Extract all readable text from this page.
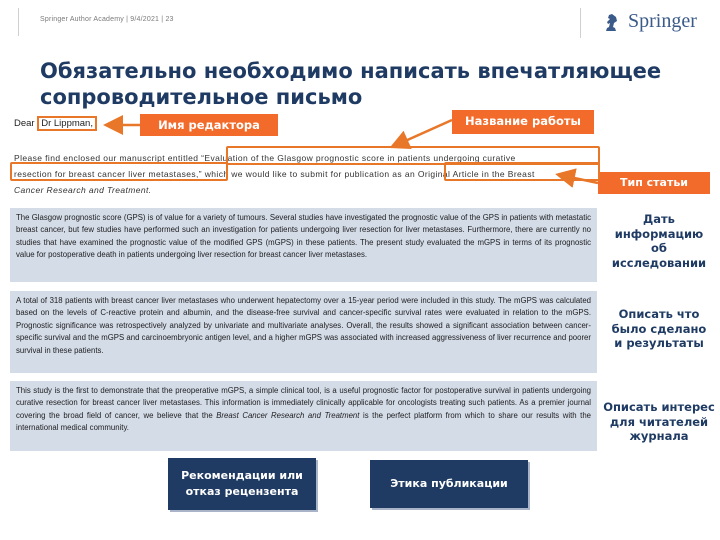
Springer Author Academy | 9/4/2021 | 23	Springer
Обязательно необходимо написать впечатляющее сопроводительное письмо
Dear Dr Lippman,	Имя редактора	Название работы
Тип статьи
Please find enclosed our manuscript entitled “Evaluation of the Glasgow prognostic score in patients undergoing curative
resection for breast cancer liver metastases,” which we would like to submit for publication as an Original Article in the Breast
Cancer Research and Treatment.
The Glasgow prognostic score (GPS) is of value for a variety of tumours. Several studies have investigated the prognostic value of the GPS in patients with metastatic breast cancer, but few studies have performed such an investigation for patients undergoing liver resection for liver metastases. Furthermore, there are currently no studies that have examined the prognostic value of the modified GPS (mGPS) in these patients. The present study evaluated the mGPS in terms of its prognostic value for postoperative death in patients undergoing liver resection for breast cancer liver metastases.
A total of 318 patients with breast cancer liver metastases who underwent hepatectomy over a 15-year period were included in this study. The mGPS was calculated based on the levels of C-reactive protein and albumin, and the disease-free survival and cancer-specific survival rates were evaluated in relation to the mGPS. Prognostic significance was retrospectively analyzed by univariate and multivariate analyses. Overall, the results showed a significant association between cancer-specific survival and the mGPS and carcinoembryonic antigen level, and a higher mGPS was associated with increased aggressiveness of liver recurrence and poorer survival in these patients.
This study is the first to demonstrate that the preoperative mGPS, a simple clinical tool, is a useful prognostic factor for postoperative survival in patients undergoing curative resection for breast cancer liver metastases. This information is immediately clinically applicable for oncologists treating such patients. As a premier journal covering the broad field of cancer, we believe that the Breast Cancer Research and Treatment is the perfect platform from which to share our results with the international medical community.
Дать
информацию
об
исследовании
Описать что
было сделано
и результаты
Описать интерес
для читателей
журнала
Рекомендации или
отказ рецензента
Этика публикации
